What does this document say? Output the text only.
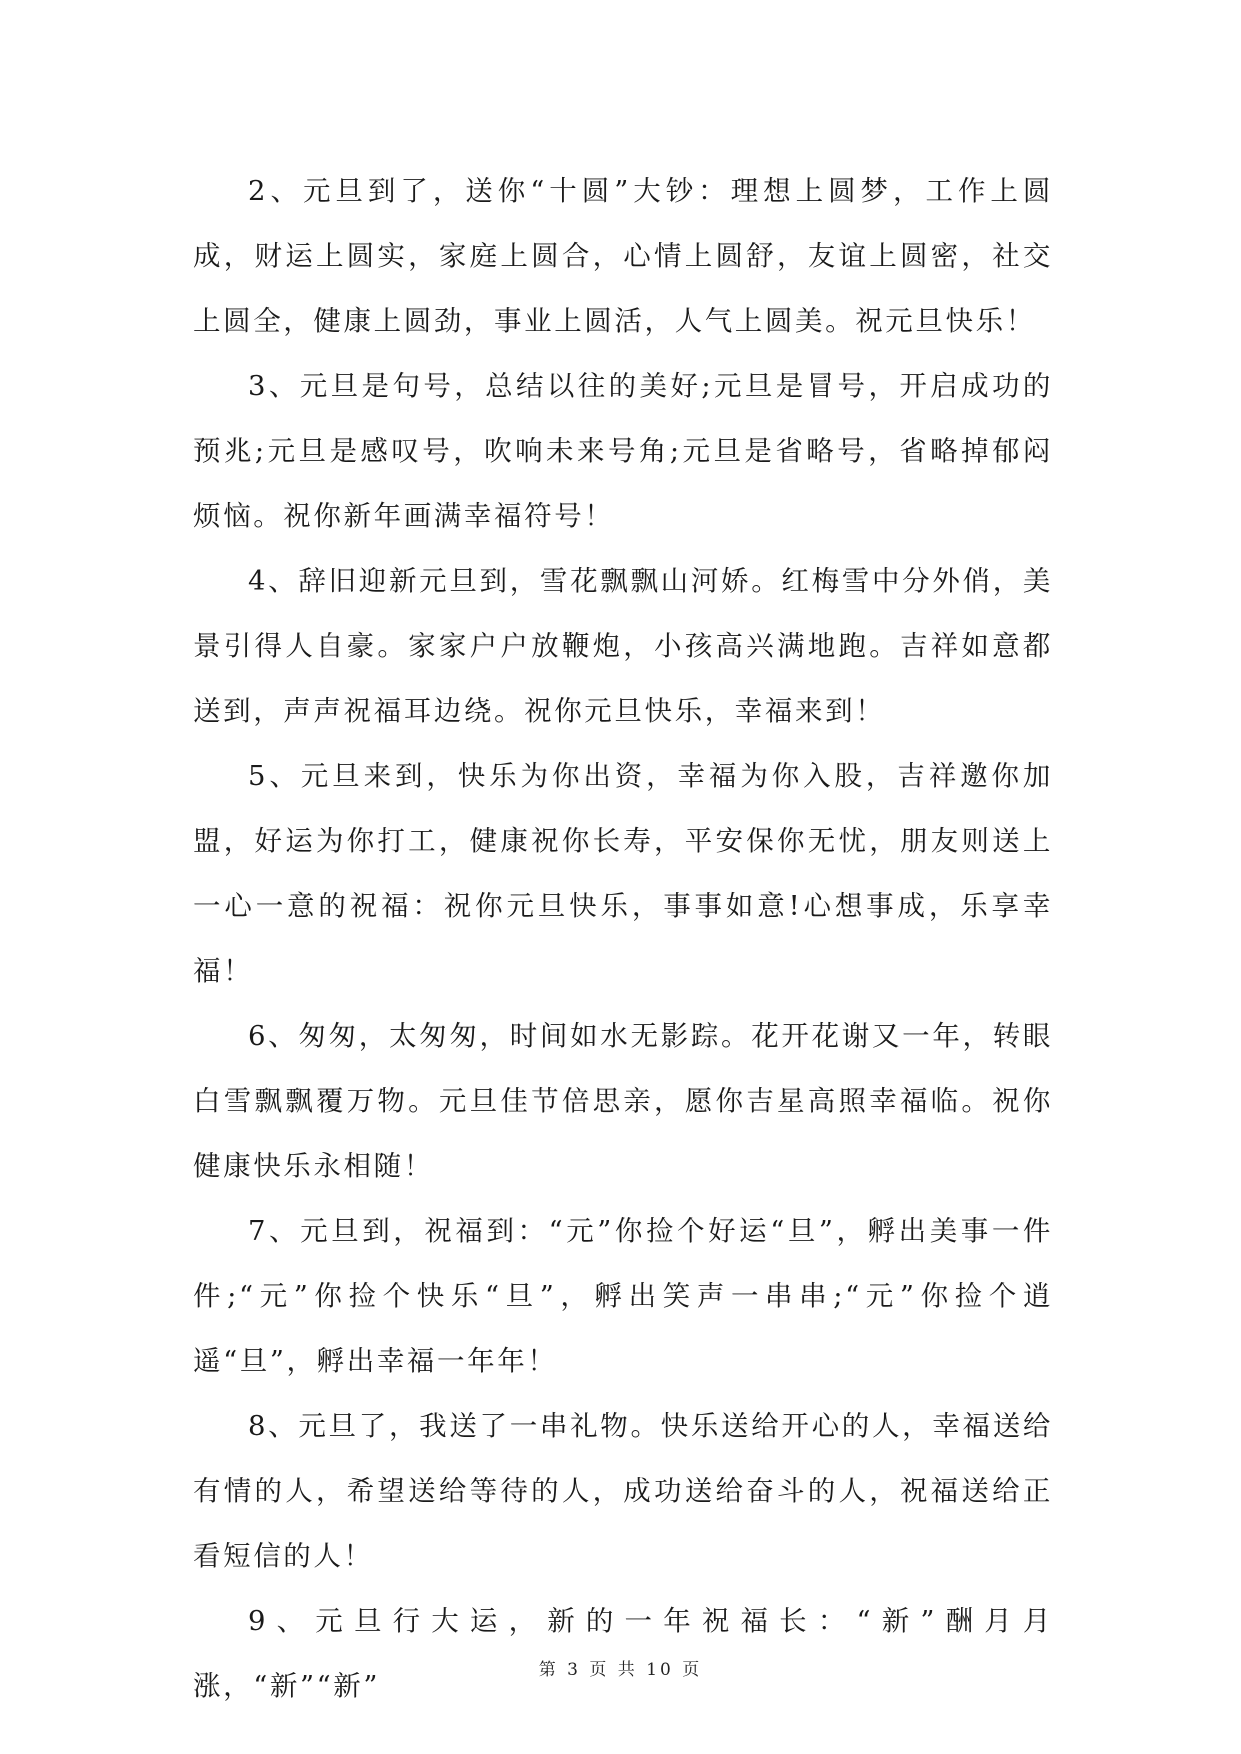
2、元旦到了，送你“十圆”大钞：理想上圆梦，工作上圆成，财运上圆实，家庭上圆合，心情上圆舒，友谊上圆密，社交上圆全，健康上圆劲，事业上圆活，人气上圆美。祝元旦快乐！

3、元旦是句号，总结以往的美好;元旦是冒号，开启成功的预兆;元旦是感叹号，吹响未来号角;元旦是省略号，省略掉郁闷烦恼。祝你新年画满幸福符号！

4、辞旧迎新元旦到，雪花飘飘山河娇。红梅雪中分外俏，美景引得人自豪。家家户户放鞭炮，小孩高兴满地跑。吉祥如意都送到，声声祝福耳边绕。祝你元旦快乐，幸福来到！

5、元旦来到，快乐为你出资，幸福为你入股，吉祥邀你加盟，好运为你打工，健康祝你长寿，平安保你无忧，朋友则送上一心一意的祝福：祝你元旦快乐，事事如意!心想事成，乐享幸福！

6、匆匆，太匆匆，时间如水无影踪。花开花谢又一年，转眼白雪飘飘覆万物。元旦佳节倍思亲，愿你吉星高照幸福临。祝你健康快乐永相随！

7、元旦到，祝福到：“元”你捡个好运“旦”，孵出美事一件件;“元”你捡个快乐“旦”，孵出笑声一串串;“元”你捡个逍遥“旦”，孵出幸福一年年！

8、元旦了，我送了一串礼物。快乐送给开心的人，幸福送给有情的人，希望送给等待的人，成功送给奋斗的人，祝福送给正看短信的人！

9、元旦行大运，新的一年祝福长：“新”酬月月涨，“新”“新”	第 3 页 共 10 页
